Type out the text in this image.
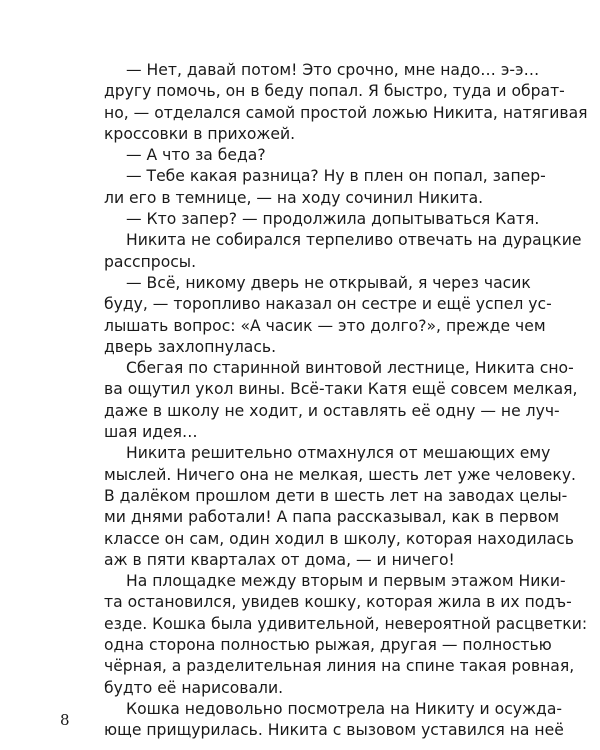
— Нет, давай потом! Это срочно, мне надо… э-э…
другу помочь, он в беду попал. Я быстро, туда и обрат-
но, — отделался самой простой ложью Никита, натягивая
кроссовки в прихожей.
— А что за беда?
— Тебе какая разница? Ну в плен он попал, запер-
ли его в темнице, — на ходу сочинил Никита.
— Кто запер? — продолжила допытываться Катя.
Никита не собирался терпеливо отвечать на дурацкие
расспросы.
— Всё, никому дверь не открывай, я через часик
буду, — торопливо наказал он сестре и ещё успел ус-
лышать вопрос: «А часик — это долго?», прежде чем
дверь захлопнулась.
Сбегая по старинной винтовой лестнице, Никита сно-
ва ощутил укол вины. Всё-таки Катя ещё совсем мелкая,
даже в школу не ходит, и оставлять её одну — не луч-
шая идея…
Никита решительно отмахнулся от мешающих ему
мыслей. Ничего она не мелкая, шесть лет уже человеку.
В далёком прошлом дети в шесть лет на заводах целы-
ми днями работали! А папа рассказывал, как в первом
классе он сам, один ходил в школу, которая находилась
аж в пяти кварталах от дома, — и ничего!
На площадке между вторым и первым этажом Ники-
та остановился, увидев кошку, которая жила в их подъ-
езде. Кошка была удивительной, невероятной расцветки:
одна сторона полностью рыжая, другая — полностью
чёрная, а разделительная линия на спине такая ровная,
будто её нарисовали.
Кошка недовольно посмотрела на Никиту и осужда-
юще прищурилась. Никита с вызовом уставился на неё
8
